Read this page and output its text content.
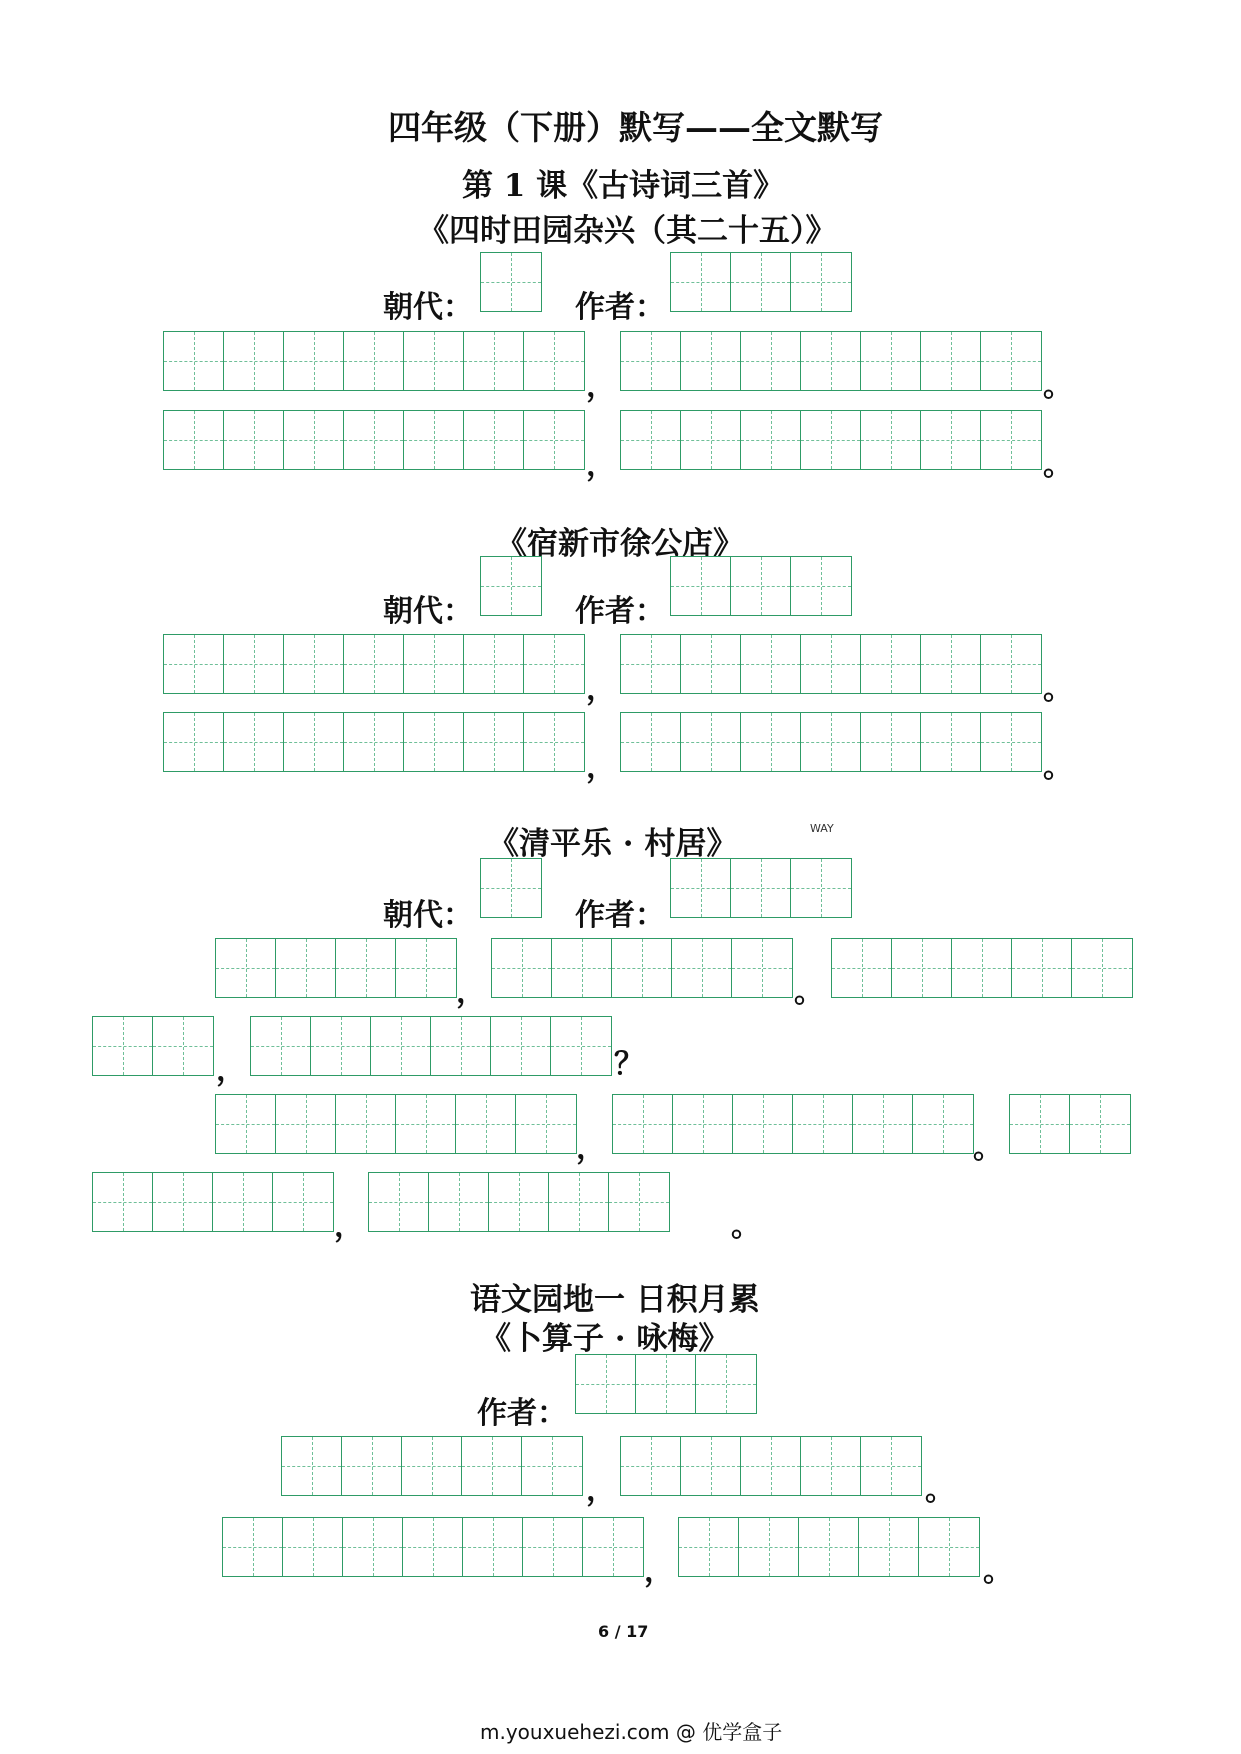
四年级（下册）默写——全文默写
第 1 课《古诗词三首》
《四时田园杂兴（其二十五）》
朝代：	作者：
，	。
，	。
《宿新市徐公店》
朝代：	作者：
，	。
，	。
《清平乐 · 村居》	WAY
朝代：	作者：
，	。
，	？
，	。
，	。
语文园地一 日积月累
《卜算子 · 咏梅》
作者：
，	。
，	。
6 / 17
m.youxuehezi.com @ 优学盒子
